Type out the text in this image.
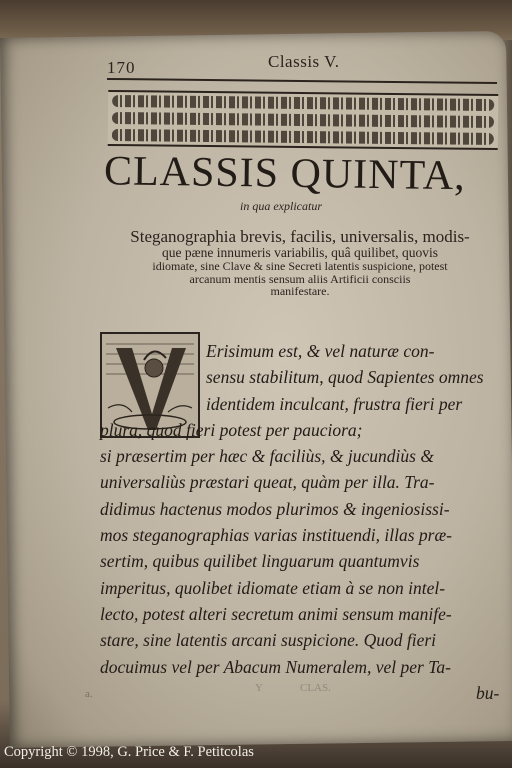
170	Classis V.
CLASSIS QUINTA,
in qua explicatur
Steganographia brevis, facilis, universalis, modis-
que pæne innumeris variabilis, quâ quilibet, quovis
idiomate, sine Clave & sine Secreti latentis suspicione, potest
arcanum mentis sensum aliis Artificii consciis
manifestare.
Erisimum est, & vel naturæ con-
sensu stabilitum, quod Sapientes omnes
identidem inculcant, frustra fieri per
plura, quod fieri potest per pauciora;
si præsertim per hæc & faciliùs, & jucundiùs &
universaliùs præstari queat, quàm per illa. Tra-
didimus hactenus modos plurimos & ingeniosissi-
mos steganographias varias instituendi, illas præ-
sertim, quibus quilibet linguarum quantumvis
imperitus, quolibet idiomate etiam à se non intel-
lecto, potest alteri secretum animi sensum manife-
stare, sine latentis arcani suspicione. Quod fieri
docuimus vel per Abacum Numeralem, vel per Ta-
bu-
a.	Y	CLAS.
Copyright © 1998, G. Price & F. Petitcolas
